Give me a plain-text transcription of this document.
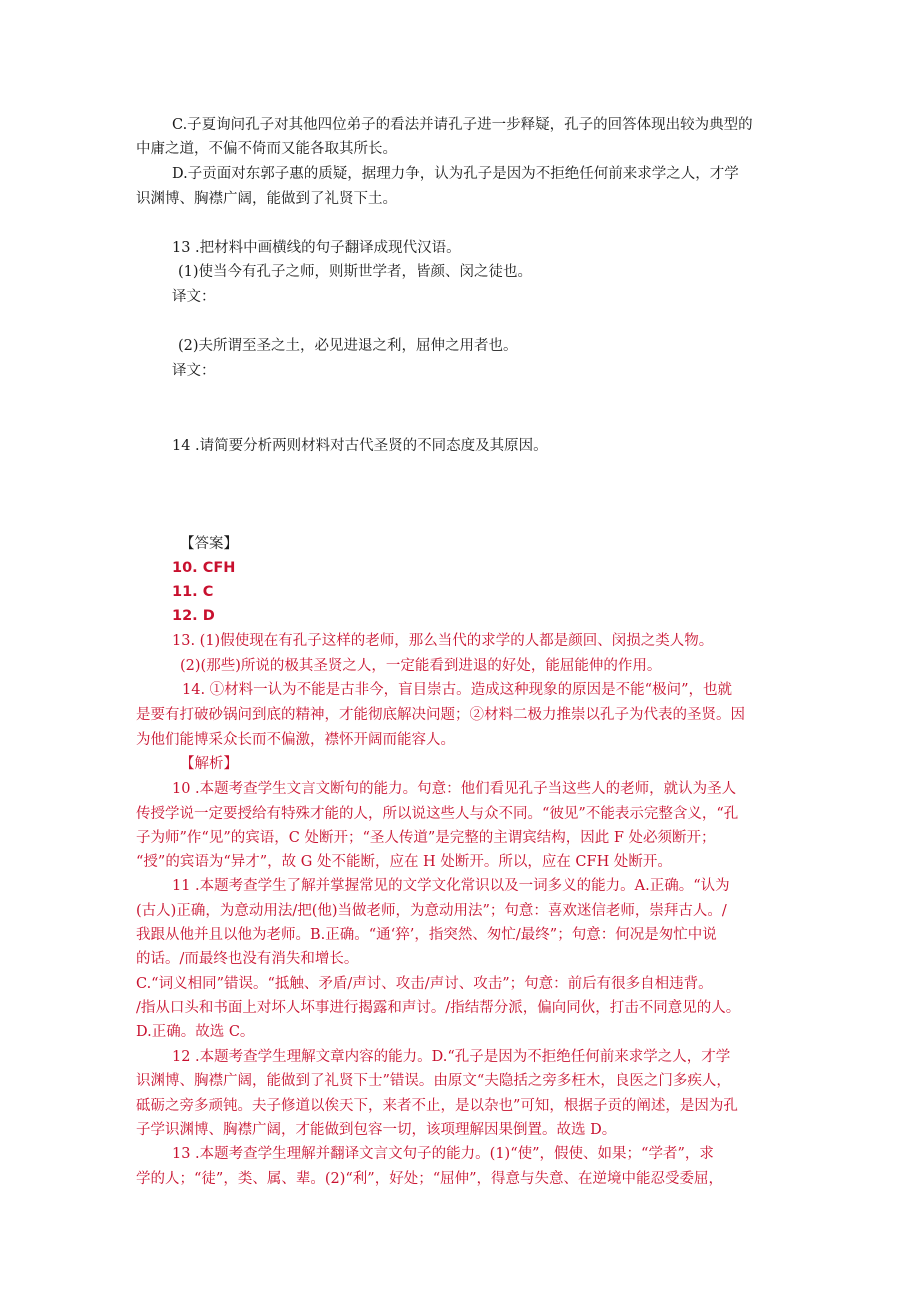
C.子夏询问孔子对其他四位弟子的看法并请孔子进一步释疑，孔子的回答体现出较为典型的
中庸之道，不偏不倚而又能各取其所长。
D.子贡面对东郭子惠的质疑，据理力争，认为孔子是因为不拒绝任何前来求学之人，才学
识渊博、胸襟广阔，能做到了礼贤下土。
13 .把材料中画横线的句子翻译成现代汉语。
(1)使当今有孔子之师，则斯世学者，皆颜、闵之徒也。
译文：
(2)夫所谓至圣之土，必见进退之利，屈伸之用者也。
译文：
14 .请简要分析两则材料对古代圣贤的不同态度及其原因。
【答案】
10. CFH
11. C
12. D
13. (1)假使现在有孔子这样的老师，那么当代的求学的人都是颜回、闵损之类人物。
(2)(那些)所说的极其圣贤之人，一定能看到进退的好处，能屈能伸的作用。
14. ①材料一认为不能是古非今，盲目崇古。造成这种现象的原因是不能“极问”，也就
是要有打破砂锅问到底的精神，才能彻底解决问题；②材料二极力推崇以孔子为代表的圣贤。因
为他们能博采众长而不偏激，襟怀开阔而能容人。
【解析】
10 .本题考查学生文言文断句的能力。句意：他们看见孔子当这些人的老师，就认为圣人
传授学说一定要授给有特殊才能的人，所以说这些人与众不同。“彼见”不能表示完整含义，“孔
子为师”作“见”的宾语，C 处断开；“圣人传道”是完整的主谓宾结构，因此 F 处必须断开；
“授”的宾语为“异才”，故 G 处不能断，应在 H 处断开。所以，应在 CFH 处断开。
11 .本题考查学生了解并掌握常见的文学文化常识以及一词多义的能力。A.正确。“认为
(古人)正确，为意动用法/把(他)当做老师，为意动用法”；句意：喜欢迷信老师，崇拜古人。/
我跟从他并且以他为老师。B.正确。“通‘猝’，指突然、匆忙/最终”；句意：何况是匆忙中说
的话。/而最终也没有消失和增长。
C.“词义相同”错误。“抵触、矛盾/声讨、攻击/声讨、攻击”；句意：前后有很多自相违背。
/指从口头和书面上对坏人坏事进行揭露和声讨。/指结帮分派，偏向同伙，打击不同意见的人。
D.正确。故选 C。
12 .本题考查学生理解文章内容的能力。D.“孔子是因为不拒绝任何前来求学之人，才学
识渊博、胸襟广阔，能做到了礼贤下士”错误。由原文“夫隐括之旁多枉木，良医之门多疾人，
砥砺之旁多顽钝。夫子修道以俟天下，来者不止，是以杂也”可知，根据子贡的阐述，是因为孔
子学识渊博、胸襟广阔，才能做到包容一切，该项理解因果倒置。故选 D。
13 .本题考查学生理解并翻译文言文句子的能力。(1)“使”，假使、如果；“学者”，求
学的人；“徒”，类、属、辈。(2)“利”，好处；“屈伸”，得意与失意、在逆境中能忍受委屈，
